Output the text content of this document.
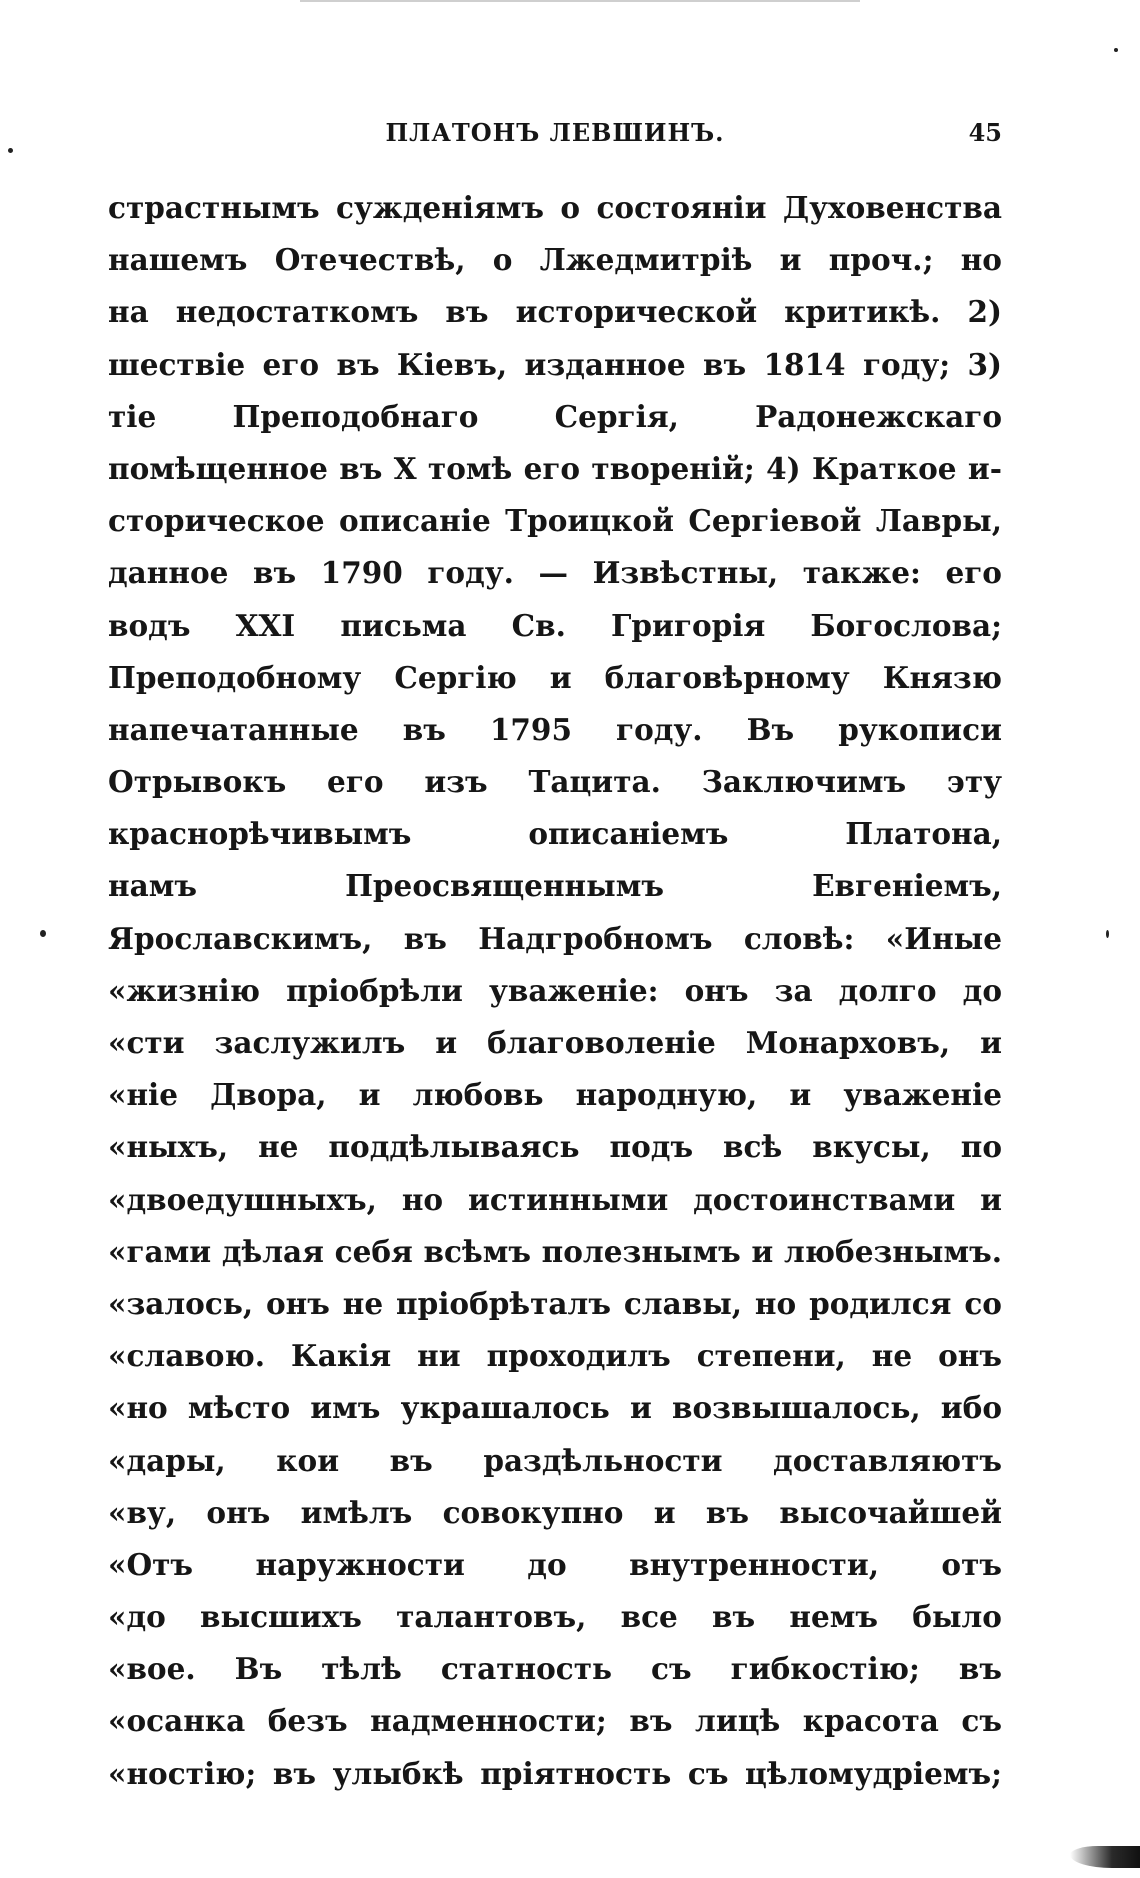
ПЛАТОНЪ ЛЕВШИНЪ.	45
страстнымъ сужденіямъ о состояніи Духовенства
нашемъ Отечествѣ, о Лжедмитріѣ и проч.; но
на недостаткомъ въ исторической критикѣ. 2)
шествіе его въ Кіевъ, изданное въ 1814 году; 3)
тіе Преподобнаго Сергія, Радонежскаго
помѣщенное въ X томѣ его твореній; 4) Краткое и-
сторическое описаніе Троицкой Сергіевой Лавры,
данное въ 1790 году. — Извѣстны, также: его
водъ XXI письма Св. Григорія Богослова;
Преподобному Сергію и благовѣрному Князю
напечатанные въ 1795 году. Въ рукописи
Отрывокъ его изъ Тацита. Заключимъ эту
краснорѣчивымъ описаніемъ Платона,
намъ Преосвященнымъ Евгеніемъ,
Ярославскимъ, въ Надгробномъ словѣ: «Иные
«жизнію пріобрѣли уваженіе: онъ за долго до
«сти заслужилъ и благоволеніе Монарховъ, и
«ніе Двора, и любовь народную, и уваженіе
«ныхъ, не поддѣлываясь подъ всѣ вкусы, по
«двоедушныхъ, но истинными достоинствами и
«гами дѣлая себя всѣмъ полезнымъ и любезнымъ.
«залось, онъ не пріобрѣталъ славы, но родился со
«славою. Какія ни проходилъ степени, не онъ
«но мѣсто имъ украшалось и возвышалось, ибо
«дары, кои въ раздѣльности доставляютъ
«ву, онъ имѣлъ совокупно и въ высочайшей
«Отъ наружности до внутренности, отъ
«до высшихъ талантовъ, все въ немъ было
«вое. Въ тѣлѣ статность съ гибкостію; въ
«осанка безъ надменности; въ лицѣ красота съ
«ностію; въ улыбкѣ пріятность съ цѣломудріемъ;
